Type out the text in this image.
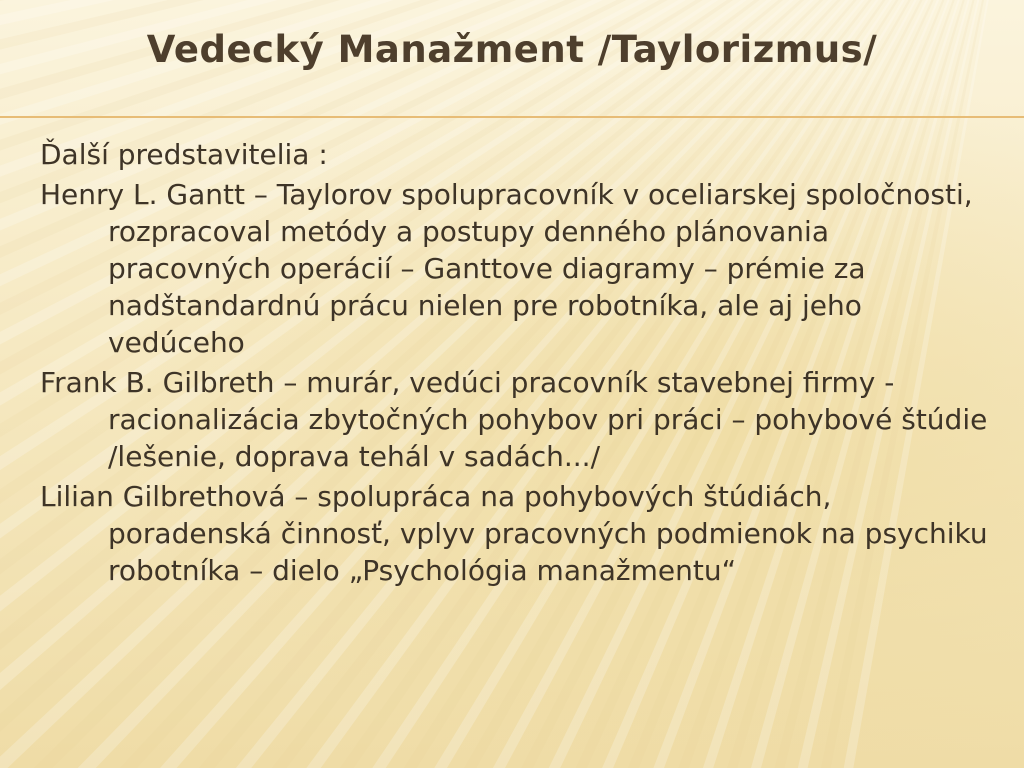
Vedecký Manažment /Taylorizmus/

Ďalší predstavitelia :

Henry L. Gantt – Taylorov spolupracovník v oceliarskej spoločnosti, rozpracoval metódy a postupy denného plánovania pracovných operácií – Ganttove diagramy – prémie za nadštandardnú prácu nielen pre robotníka, ale aj jeho vedúceho

Frank B. Gilbreth – murár, vedúci pracovník stavebnej firmy - racionalizácia zbytočných pohybov pri práci – pohybové štúdie /lešenie, doprava tehál v sadách.../

Lilian Gilbrethová – spolupráca na pohybových štúdiách, poradenská činnosť, vplyv pracovných podmienok na psychiku robotníka – dielo „Psychológia manažmentu“
